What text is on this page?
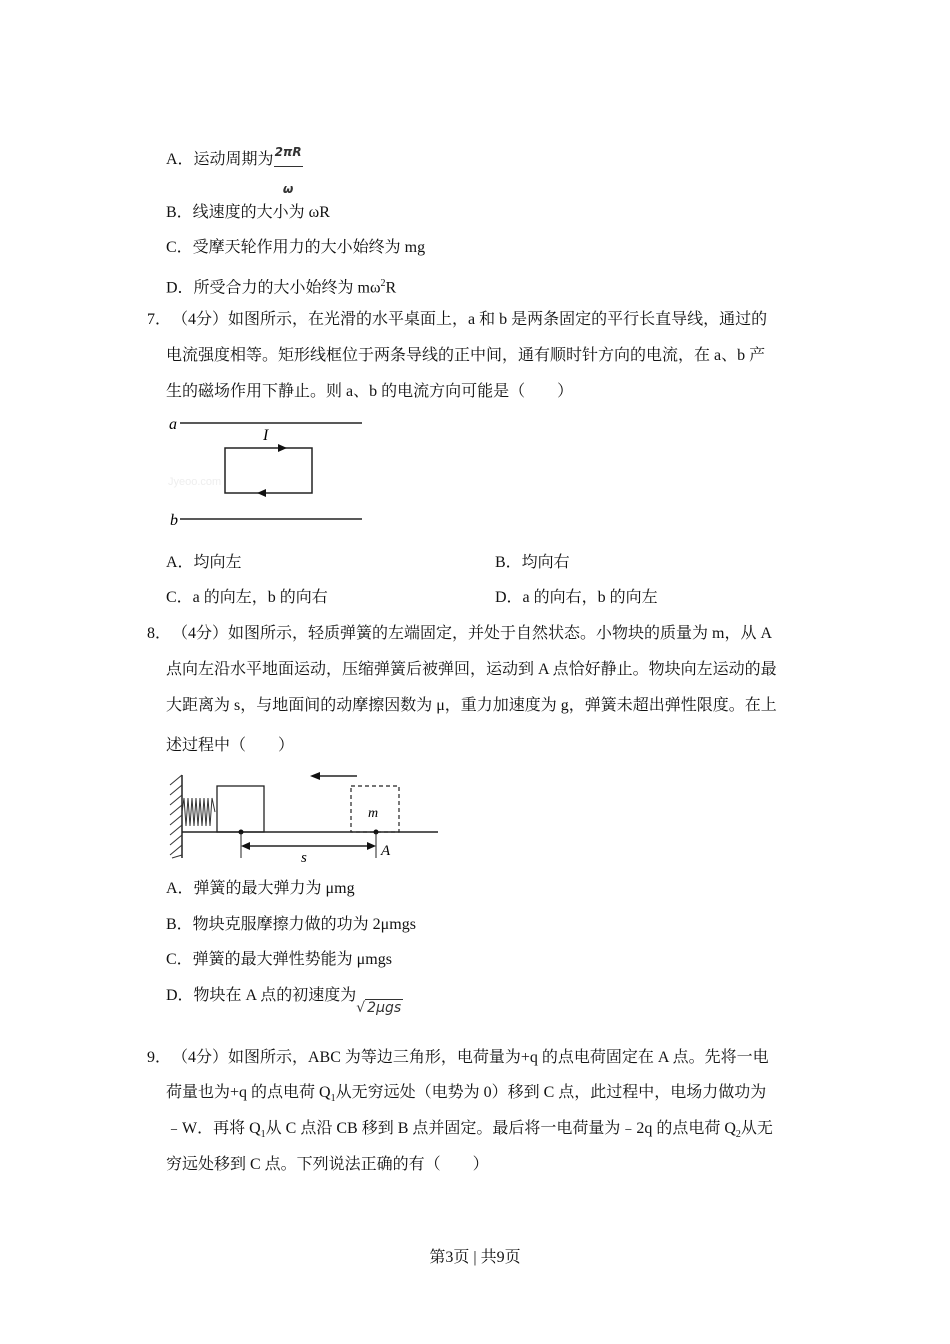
A．运动周期为 $\frac{2\pi R}{\omega}$
B．线速度的大小为 ωR
C．受摩天轮作用力的大小始终为 mg
D．所受合力的大小始终为 $m\omega^2R$
7． （4分）如图所示，在光滑的水平桌面上，a 和 b 是两条固定的平行长直导线，通过的
电流强度相等。矩形线框位于两条导线的正中间，通有顺时针方向的电流，在 a、b 产
生的磁场作用下静止。则 a、b 的电流方向可能是（　　）
a
I
Jyeoo.com
b
m
s	A
A．均向左	B．均向右
C．a 的向左，b 的向右	D．a 的向右，b 的向左
8． （4分）如图所示，轻质弹簧的左端固定，并处于自然状态。小物块的质量为 m，从 A
点向左沿水平地面运动，压缩弹簧后被弹回，运动到 A 点恰好静止。物块向左运动的最
大距离为 s，与地面间的动摩擦因数为 μ，重力加速度为 g，弹簧未超出弹性限度。在上
述过程中（　　）
A．弹簧的最大弹力为 μmg
B．物块克服摩擦力做的功为 2μmgs
C．弹簧的最大弹性势能为 μmgs
D．物块在 A 点的初速度为√ 2μgs
9． （4分）如图所示，ABC 为等边三角形，电荷量为+q 的点电荷固定在 A 点。先将一电
荷量也为+q 的点电荷 $Q_1$从无穷远处（电势为 0）移到 C 点，此过程中，电场力做功为
﹣W．再将 $Q_1$从 C 点沿 CB 移到 B 点并固定。最后将一电荷量为﹣2q 的点电荷 $Q_2$从无
穷远处移到 C 点。下列说法正确的有（　　）
第3页 | 共9页
